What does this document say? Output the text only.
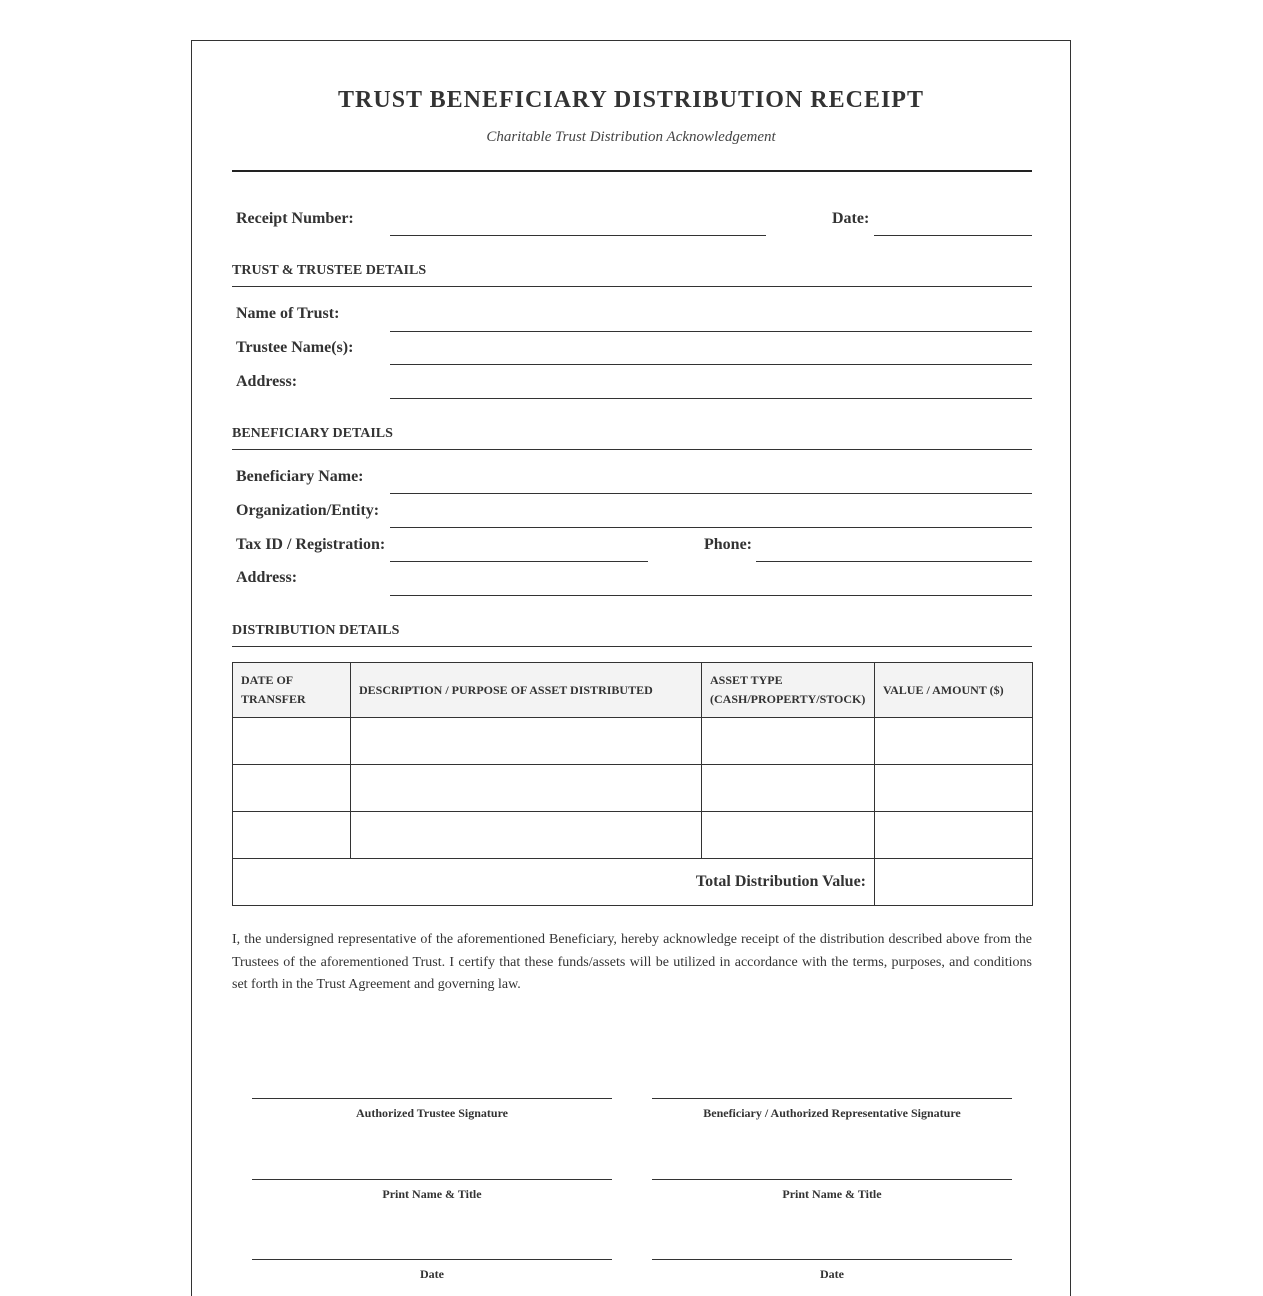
TRUST BENEFICIARY DISTRIBUTION RECEIPT
Charitable Trust Distribution Acknowledgement
Receipt Number:	Date:
TRUST & TRUSTEE DETAILS
Name of Trust:
Trustee Name(s):
Address:
BENEFICIARY DETAILS
Beneficiary Name:
Organization/Entity:
Tax ID / Registration:	Phone:
Address:
DISTRIBUTION DETAILS
DATE OF TRANSFER	DESCRIPTION / PURPOSE OF ASSET DISTRIBUTED	ASSET TYPE (CASH/PROPERTY/STOCK)	VALUE / AMOUNT ($)

Total Distribution Value:			
I, the undersigned representative of the aforementioned Beneficiary, hereby acknowledge receipt of the distribution described above from the Trustees of the aforementioned Trust. I certify that these funds/assets will be utilized in accordance with the terms, purposes, and conditions set forth in the Trust Agreement and governing law.
Authorized Trustee Signature
Print Name & Title
Date
Beneficiary / Authorized Representative Signature
Print Name & Title
Date
